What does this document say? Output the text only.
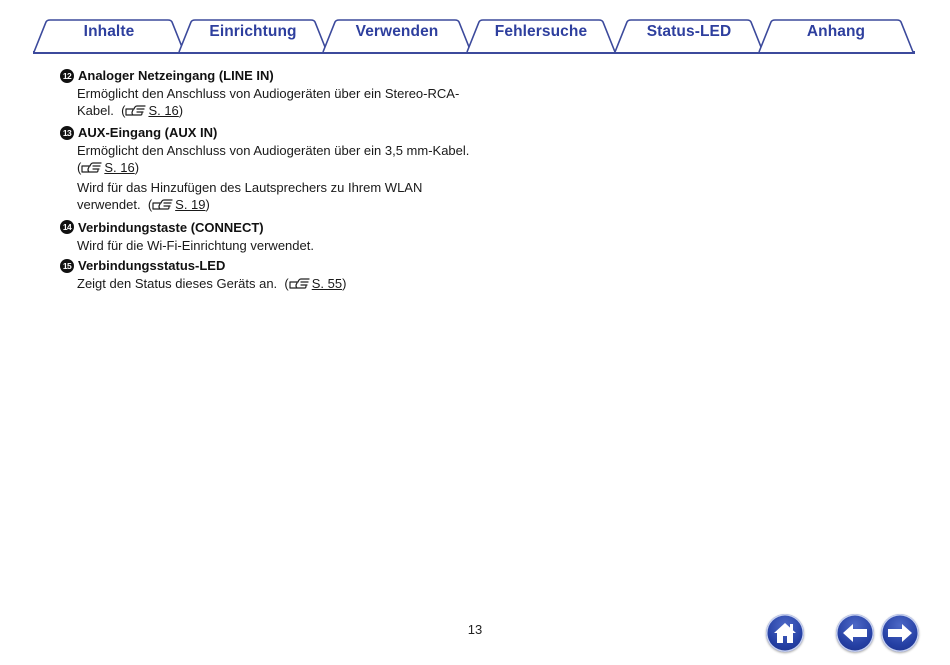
Inhalte	Einrichtung	Verwenden	Fehlersuche	Status-LED	Anhang
12 Analoger Netzeingang (LINE IN)

Ermöglicht den Anschluss von Audiogeräten über ein Stereo-RCA-Kabel.  ( S. 16)

13 AUX-Eingang (AUX IN)

Ermöglicht den Anschluss von Audiogeräten über ein 3,5 mm-Kabel.  ( S. 16)

Wird für das Hinzufügen des Lautsprechers zu Ihrem WLAN verwendet.  ( S. 19)

14 Verbindungstaste (CONNECT)

Wird für die Wi-Fi-Einrichtung verwendet.

15 Verbindungsstatus-LED

Zeigt den Status dieses Geräts an.  ( S. 55)

13
